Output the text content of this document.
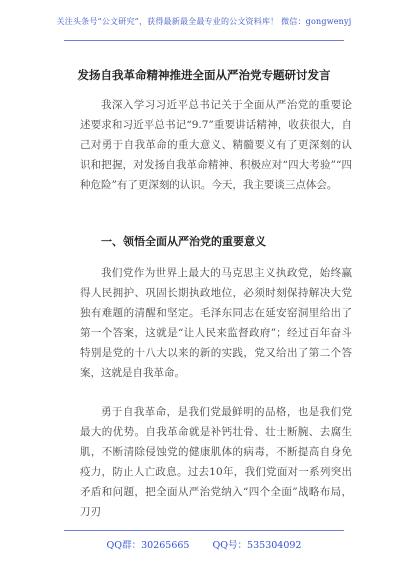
关注头条号“公文研究”，获得最新最全最专业的公文资料库！ 微信：gongwenyj
发扬自我革命精神推进全面从严治党专题研讨发言

我深入学习习近平总书记关于全面从严治党的重要论述要求和习近平总书记“9.7”重要讲话精神，收获很大，自己对勇于自我革命的重大意义、精髓要义有了更深刻的认识和把握，对发扬自我革命精神、积极应对“四大考验”“四种危险”有了更深刻的认识。今天，我主要谈三点体会。

一、领悟全面从严治党的重要意义

我们党作为世界上最大的马克思主义执政党，始终赢得人民拥护、巩固长期执政地位，必须时刻保持解决大党独有难题的清醒和坚定。毛泽东同志在延安窑洞里给出了第一个答案，这就是“让人民来监督政府”；经过百年奋斗特别是党的十八大以来的新的实践，党又给出了第二个答案，这就是自我革命。

勇于自我革命，是我们党最鲜明的品格，也是我们党最大的优势。自我革命就是补钙壮骨、壮士断腕、去腐生肌，不断清除侵蚀党的健康肌体的病毒，不断提高自身免疫力，防止人亡政息。过去10年，我们党面对一系列突出矛盾和问题，把全面从严治党纳入“四个全面”战略布局，刀刃

QQ群：30265665 QQ号：535304092
